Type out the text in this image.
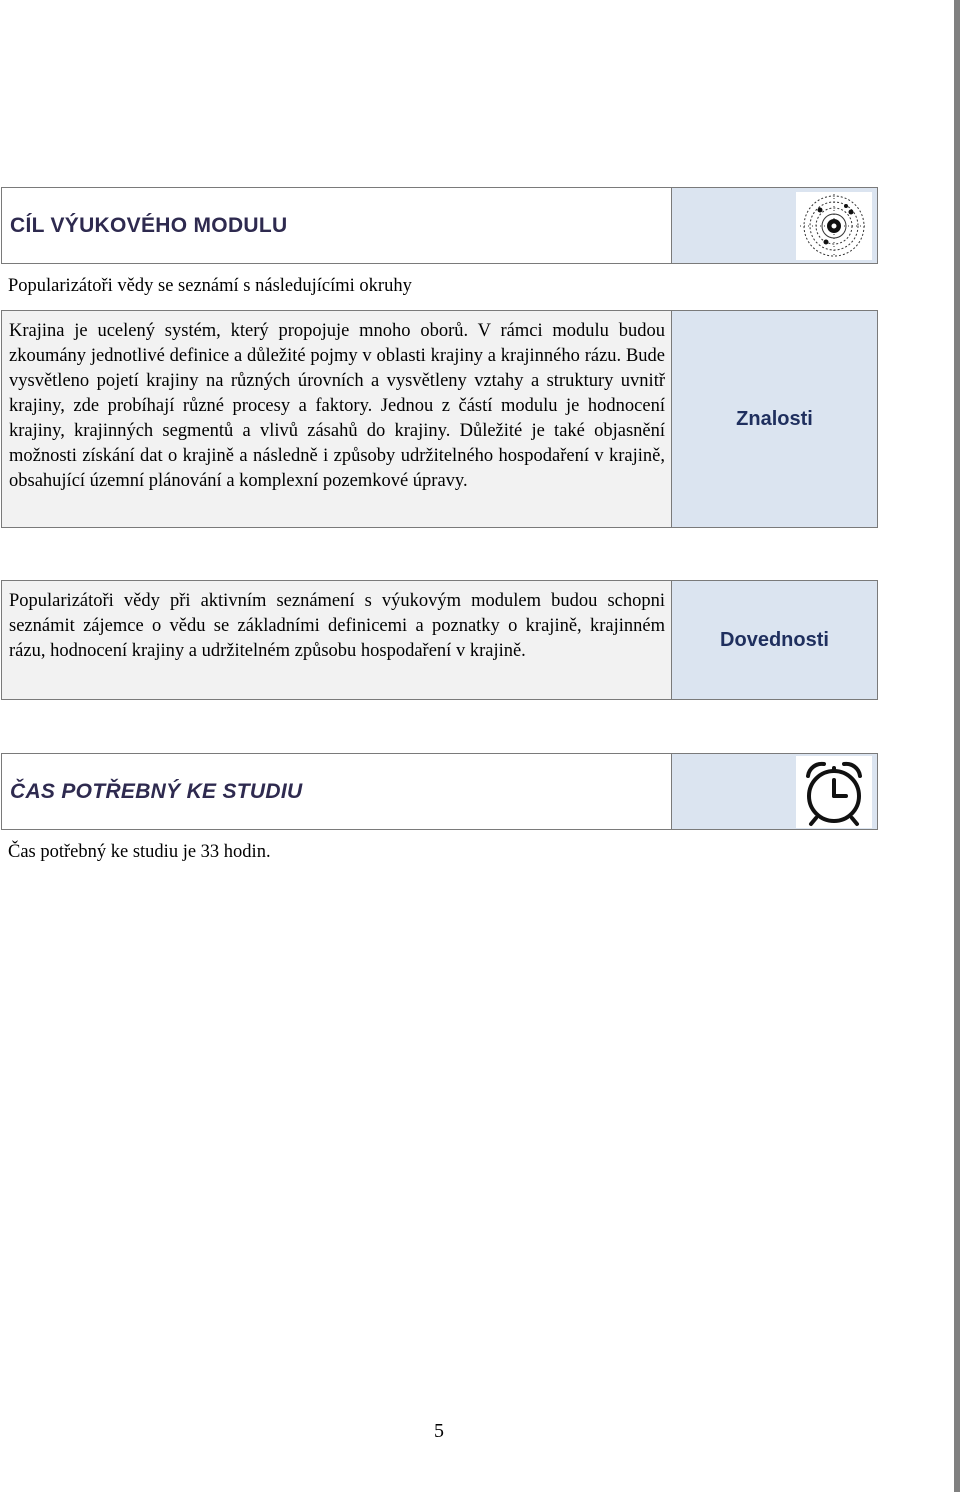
CÍL VÝUKOVÉHO MODULU
Popularizátoři vědy se seznámí s následujícími okruhy
Krajina je ucelený systém, který propojuje mnoho oborů. V rámci modulu budou zkoumány jednotlivé definice a důležité pojmy v oblasti krajiny a krajinného rázu. Bude vysvětleno pojetí krajiny na různých úrovních a vysvětleny vztahy a struktury uvnitř krajiny, zde probíhají různé procesy a faktory. Jednou z částí modulu je hodnocení krajiny, krajinných segmentů a vlivů zásahů do krajiny. Důležité je také objasnění možnosti získání dat o krajině a následně i způsoby udržitelného hospodaření v krajině, obsahující územní plánování a komplexní pozemkové úpravy.
Znalosti
Popularizátoři vědy při aktivním seznámení s výukovým modulem budou schopni seznámit zájemce o vědu se základními definicemi a poznatky o krajině, krajinném rázu, hodnocení krajiny a udržitelném způsobu hospodaření v krajině.
Dovednosti
ČAS POTŘEBNÝ KE STUDIU
Čas potřebný ke studiu je 33 hodin.
5
